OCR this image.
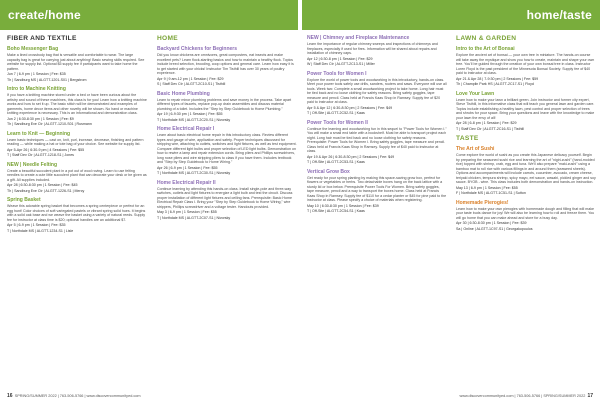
create/home	home/taste
FIBER AND TEXTILE
Boho Messenger Bag
Make a lined crossbody bag that is versatile and comfortable to wear. The large capacity bag is great for carrying just about anything! Basic sewing skills required. See website for supply list. Optional $5 supply fee if participants want to take home the pattern.
Jun 7 | 6-9 pm | 1 Session | Fee: $35
Th | Sandburg MS | ALGTT-1201-S01 | Bergstrom
Intro to Machine Knitting
If you have a knitting machine stored under a bed or have been curious about the artistry and sound of these machines, this class is for you! Learn how a knitting machine works and how to set it up. The basic stitch will be demonstrated and examples of garments, home decor items and other novelty will be shown. No hand or machine knitting experience is necessary. This is an informational and demonstration class.
Jun 2 | 6:30-8:30 pm | 1 Session | Fee: $9
Th | Sandburg Eve Ctr | ALGTT-1210-S01 | Rusmann
Learn to Knit — Beginning
Learn basic techniques — cast on, knit, purl, increase, decrease, finishing and pattern reading — while making a hat or tote bag of your choice. See website for supply list.
Apr 5-Apr 26 | 6:30-9 pm | 4 Sessions | Fee: $55
T | Staff Dev Ctr | ALGTT-1218-S1 | Jones
NEW | Needle Felting
Create a beautiful succulent plant in a pot out of wool roving. Learn to use felting needles to create a cute little succulent plant that can decorate your desk or be given as a gift. All supplies included.
Apr 28 | 6:30-8:30 pm | 1 Session | Fee: $45
Th | Sandburg Eve Ctr | ALGTT-1226-S1 | Mercy
Spring Basket
Weave this adorable spring basket that becomes a spring centerpiece or perfect for an egg hunt! Color choices of soft variegated pastels or vibrant spring solid hues. It begins with a solid oak base and we weave the basket using a variety of natural reeds. Supply fee for instructor at class time is $20; optional handles are an additional $7.
Apr 5 | 6-9 pm | 1 Session | Fee: $35
T | Northdale MS | ALGTT-1234-S1 | Lisle
HOME
Backyard Chickens for Beginners
Did you know chickens are omnivores, great composters, eat insects and make excellent pets? Learn flock-starting basics and how to maintain a healthy flock. Topics include breed selection, brooding, coop options and general care. Learn how easy it is to get started with your chicks! Instructor Tim Tisthill has over 30 years of poultry experience.
Apr 9 | 9 am-12 pm | 1 Session | Fee: $29
S | Staff Dev Ctr | ALGTT-2C10-S1 | Tisthill
Basic Home Plumbing
Learn to repair minor plumbing problems and save money in the process. Take apart different types of faucets, replace pop-up drain assemblies and discuss material plumbing of a toilet. Includes the "Step by Step Guidebook to Home Plumbing."
Apr 19 | 6-9:30 pm | 1 Session | Fee: $55
T | Northdale MS | ALGTT-2C20-S1 | Nivorsky
Home Electrical Repair I
Learn about basic electrical home repair in this introductory class. Review different types and gauge of wire, application and safety. Proper techniques discussed for stripping wire, attaching to outlets, switches and light fixtures, as well as test equipment. Compare different light bulbs and proper selection of LED light bulbs. Demonstration on how to rewire a lamp and repair extension cords. Bring pliers and Phillips screwdrivers, long nose pliers and wire stripping pliers to class if you have them. Includes textbook and "Step by Step Guidebook to Home Wiring."
Apr 26 | 6-9 pm | 1 Session | Fee: $55
T | Northdale MS | ALGTT-2C30-S1 | Nivorsky
Home Electrical Repair II
Continue learning by attending this hands-on class. Install single-pole and three-way switches, outlets and light fixtures to energize a light bulb and test the circuit. Discuss proper installation of different light fixtures and ceiling fans. Prerequisite: Basic Home Electrical Repair Class I. Bring your "Step by Step Guidebook to Home Wiring," wire strippers, Phillips screwdriver and a voltage tester. Handouts provided.
May 3 | 6-9 pm | 1 Session | Fee: $55
T | Northdale MS | ALGTT-2C07-S1 | Nivorsky
NEW | Chimney and Fireplace Maintenance
Learn the importance of regular chimney sweeps and inspections of chimneys and fireplaces, especially if used for fires. Information will be shared about repairs and installation of chimney caps.
Apr 12 | 6:30-8 pm | 1 Session | Fee: $29
W | Staff Dev Ctr | ALGTT-2C13-S1 | Miller
Power Tools for Women I
Explore the world of power tools and woodworking in this introductory, hands-on class. Meet your power tools safely use drills, sanders, routers and saws. Everyone will use all tools. Week two: Complete a small woodworking project to take home. Long hair must be tied back and no loose clothing for safety reasons. Bring safety goggles, tape measure and pencil. Class held at Francis Kaas Shop in Ramsey. Supply fee of $20 paid to instructor at class.
Apr 5 & Apr 12 | 6:30-8:30 pm | 2 Sessions | Fee: $49
T | Off-Site | ALGTT-2C52-S1 | Kaas
Power Tools for Women II
Continue the learning and woodworking fun in this sequel to "Power Tools for Women I." You will make a small end table with a bookshelf. Must be able to transport project each night. Long hair must be tied back and no loose clothing for safety reasons. Prerequisite: Power Tools for Women I. Bring safety goggles, tape measure and pencil. Class held at Francis Kaas Shop in Ramsey. Supply fee of $40 paid to instructor at class.
Apr 19 & Apr 26 | 6:30-8:30 pm | 2 Sessions | Fee: $49
T | Off-Site | ALGTT-2C53-S1 | Kaas
Vertical Grow Box
Get ready for your spring planting by making this space-saving grow box, perfect for flowers or vegetables or herbs. Two detachable boxes hang on the back lattice with a sturdy lid or box below. Prerequisite Power Tools For Women. Bring safety goggles, tape measure, pencil and a way to transport the boxes home. Class held at Francis Kaas Shop in Ramsey. Supply fee of $110 for a cedar planter or $45 for pine paid to the instructor at class. Please specify a choice of materials when registering.
May 10 | 6:30-8:30 pm | 1 Session | Fee: $39
T | Off-Site | ALGTT-2C54-S1 | Kaas
LAWN & GARDEN
Intro to the Art of Bonsai
Explore the ancient art of bonsai — your own tree in miniature. The hands-on course will take away the mystique and show you how to create, maintain and shape your own tree. You'll be guided through the creation of your own bonsai tree in class. Instructor Loren Floyd is the past president of the Minnesota Bonsai Society. Supply fee of $40 paid to instructor at class.
Apr 21 & Apr 28 | 7-9:30 pm | 2 Sessions | Fee: $59
Th | Champlin Park HS | ALGTT-2C17-S1 | Floyd
Love Your Lawn
Learn how to make your lawn a brilliant green. Join instructor and former city expert, Steve Tisthill, in this informative class that will teach you general lawn and garden care. Topics include establishing a healthy lawn, pest control and proper selection of trees and shrubs for your space. Bring your questions and leave with the knowledge to make your lawn the envy of all!
Apr 28 | 6-8 pm | 1 Session | Fee: $29
T | Staff Dev Ctr | ALGTT-2C16-S1 | Tisthill
TASTE
The Art of Sushi
Come explore the world of sushi as you create this Japanese delicacy yourself. Begin by preparing the seasoned sushi rice and learning the art of "nigiri-zushi" (hand-molded rice) topped with shrimp, crab, egg and tuna. We'll also prepare "maki-zushi" using a bamboo mat to roll rice with various fillings in and around them (seaweed sheets). Options and accompaniments will include carrots, cucumber, avocado, cream cheese, teriyaki chicken, tempura shrimp, spicy mayo, eel sauce, wasabi, pickled ginger and soy sauce. BYOB - wine. This class includes both demonstration and hands-on instruction.
May 13 | 6-9 pm | 1 Session | Fee: $55
F | Northdale MS | ALGTT-1C51-S1 | Sutton
Homemade Pierogies!
Learn how to make your own pierogies with homemade dough and filling that will make your taste buds dance for joy! We will also be learning how to roll and freeze them. You will go home that you can make ahead and store for a busy day.
Apr 30 | 6:30-8:30 pm | 1 Session | Fee: $39
Sa | Online | ALGTT-1C97-S1 | Georgakopoulos
16 SPRING/SUMMER 2022 | 763-506-5766 | www.discovercommunityed.com	www.discovercommunityed.com | 763-506-5766 | SPRING/SUMMER 2022 17
